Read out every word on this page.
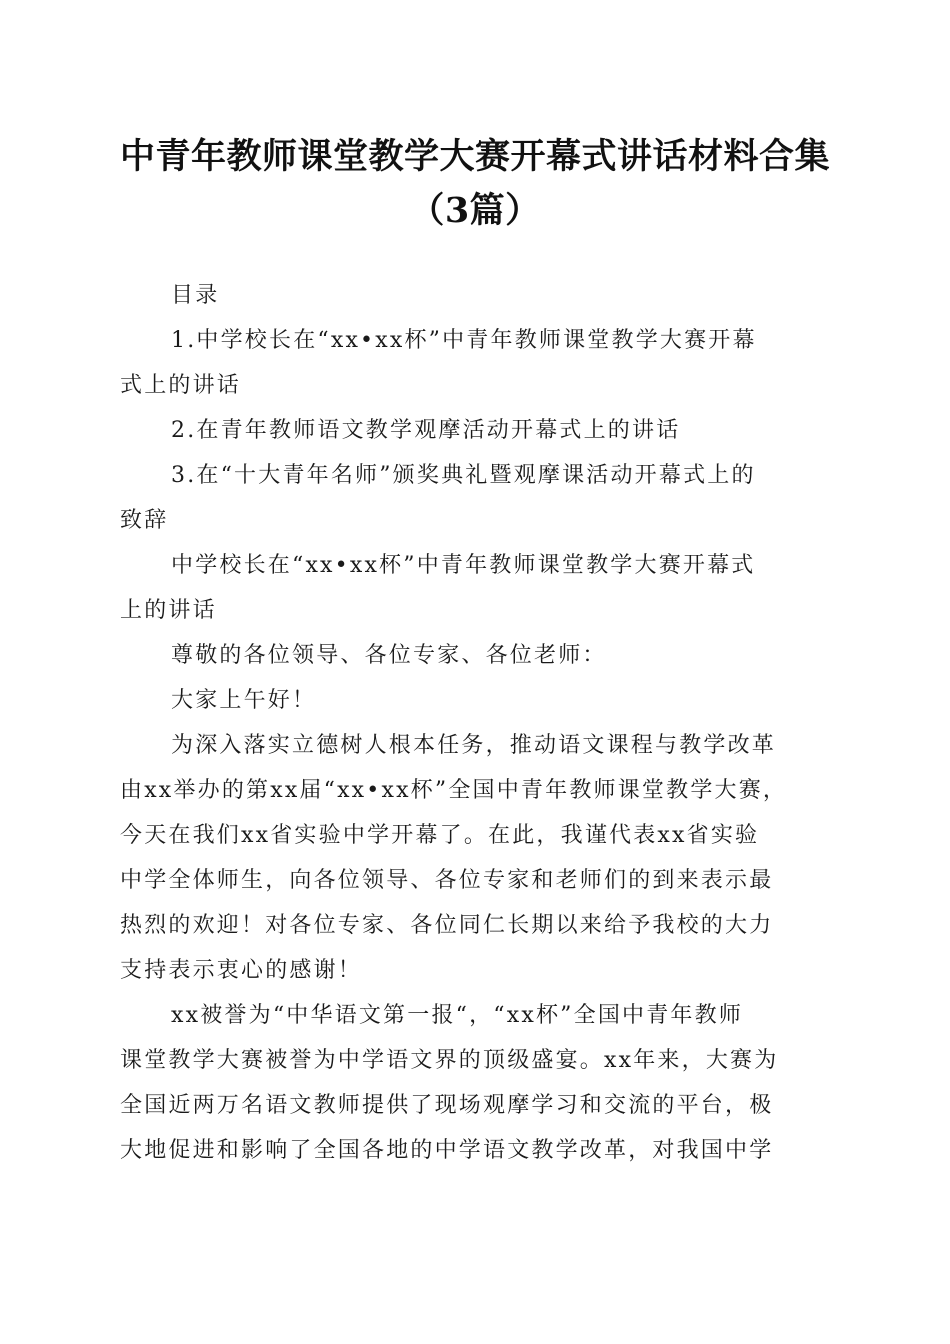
中青年教师课堂教学大赛开幕式讲话材料合集
（3篇）

目录

1.中学校长在“xx•xx杯”中青年教师课堂教学大赛开幕
式上的讲话

2.在青年教师语文教学观摩活动开幕式上的讲话

3.在“十大青年名师”颁奖典礼暨观摩课活动开幕式上的
致辞

中学校长在“xx•xx杯”中青年教师课堂教学大赛开幕式
上的讲话

尊敬的各位领导、各位专家、各位老师：

大家上午好！

为深入落实立德树人根本任务，推动语文课程与教学改革
由xx举办的第xx届“xx•xx杯”全国中青年教师课堂教学大赛，
今天在我们xx省实验中学开幕了。在此，我谨代表xx省实验
中学全体师生，向各位领导、各位专家和老师们的到来表示最
热烈的欢迎！对各位专家、各位同仁长期以来给予我校的大力
支持表示衷心的感谢！

xx被誉为“中华语文第一报“，“xx杯”全国中青年教师
课堂教学大赛被誉为中学语文界的顶级盛宴。xx年来，大赛为
全国近两万名语文教师提供了现场观摩学习和交流的平台，极
大地促进和影响了全国各地的中学语文教学改革，对我国中学
